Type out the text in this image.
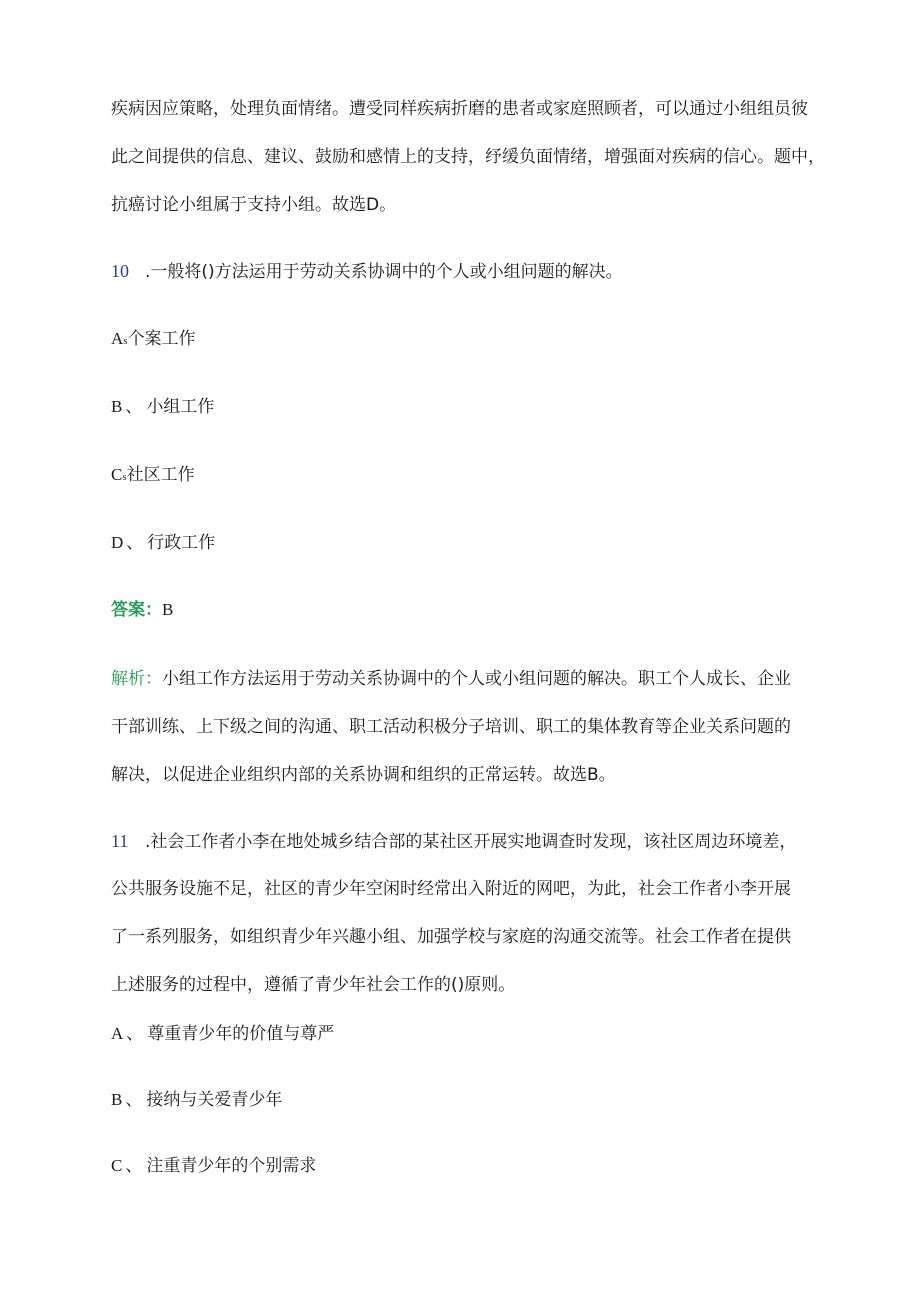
疾病因应策略，处理负面情绪。遭受同样疾病折磨的患者或家庭照顾者，可以通过小组组员彼
此之间提供的信息、建议、鼓励和感情上的支持，纾缓负面情绪，增强面对疾病的信心。题中，
抗癌讨论小组属于支持小组。故选D。
10 .一般将()方法运用于劳动关系协调中的个人或小组问题的解决。
As个案工作
B 、 小组工作
Cs社区工作
D 、 行政工作
答案：B
解析：小组工作方法运用于劳动关系协调中的个人或小组问题的解决。职工个人成长、企业
干部训练、上下级之间的沟通、职工活动积极分子培训、职工的集体教育等企业关系问题的
解决，以促进企业组织内部的关系协调和组织的正常运转。故选B。
11 .社会工作者小李在地处城乡结合部的某社区开展实地调查时发现，该社区周边环境差，
公共服务设施不足，社区的青少年空闲时经常出入附近的网吧，为此，社会工作者小李开展
了一系列服务，如组织青少年兴趣小组、加强学校与家庭的沟通交流等。社会工作者在提供
上述服务的过程中，遵循了青少年社会工作的()原则。
A 、 尊重青少年的价值与尊严
B 、 接纳与关爱青少年
C 、 注重青少年的个别需求
